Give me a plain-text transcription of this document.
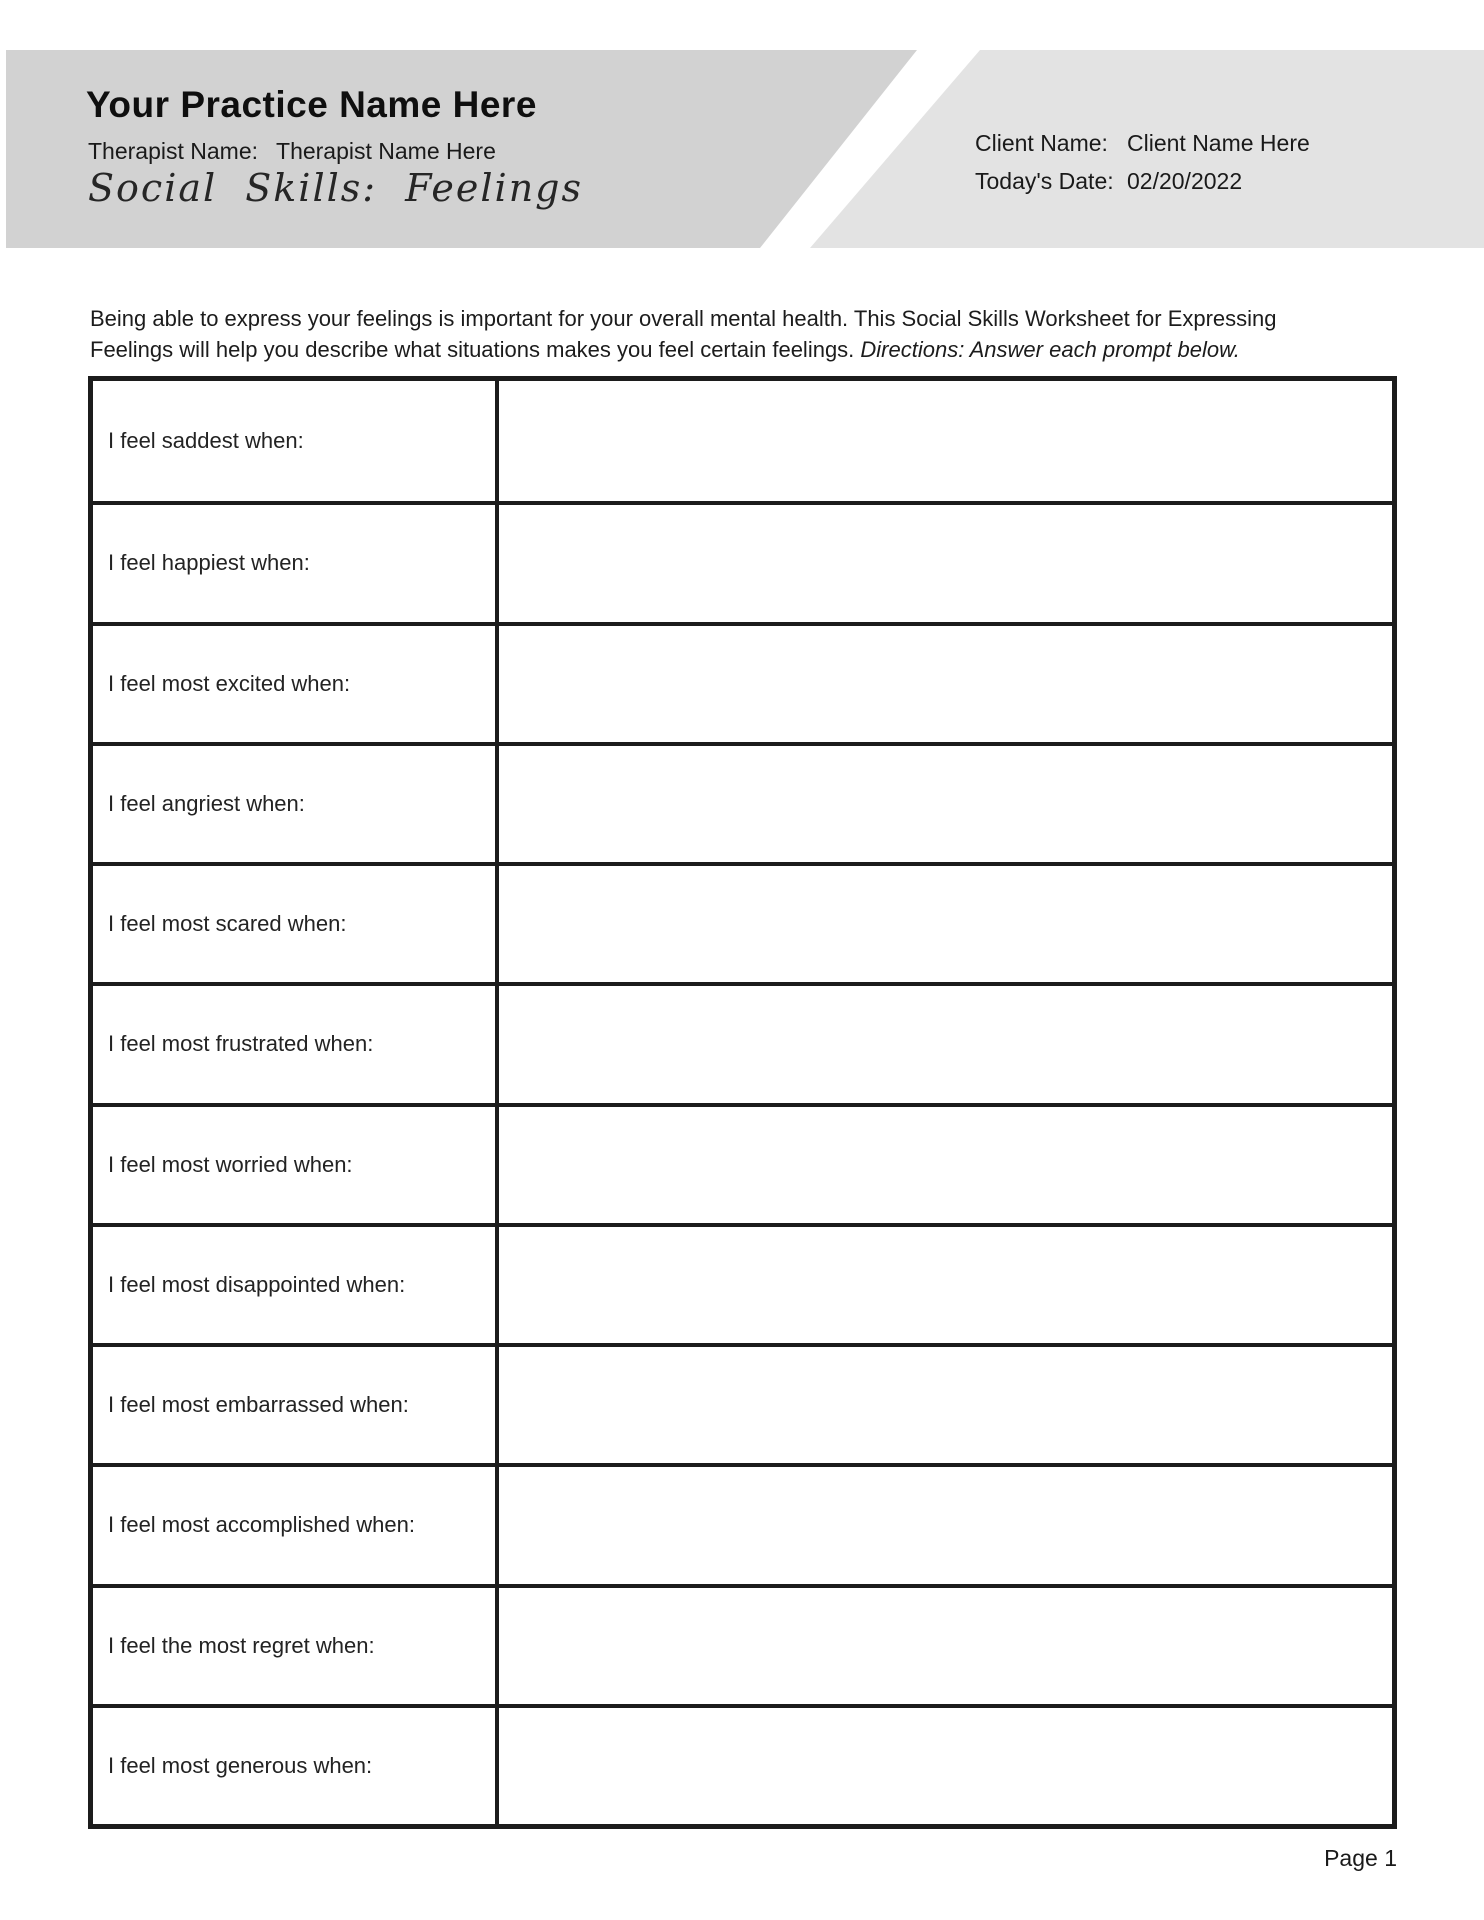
Your Practice Name Here
Therapist Name: Therapist Name Here
Social Skills: Feelings
Client Name: Client Name Here
Today's Date: 02/20/2022

Being able to express your feelings is important for your overall mental health. This Social Skills Worksheet for Expressing
Feelings will help you describe what situations makes you feel certain feelings. Directions: Answer each prompt below.

I feel saddest when:
I feel happiest when:
I feel most excited when:
I feel angriest when:
I feel most scared when:
I feel most frustrated when:
I feel most worried when:
I feel most disappointed when:
I feel most embarrassed when:
I feel most accomplished when:
I feel the most regret when:
I feel most generous when:
Page 1
